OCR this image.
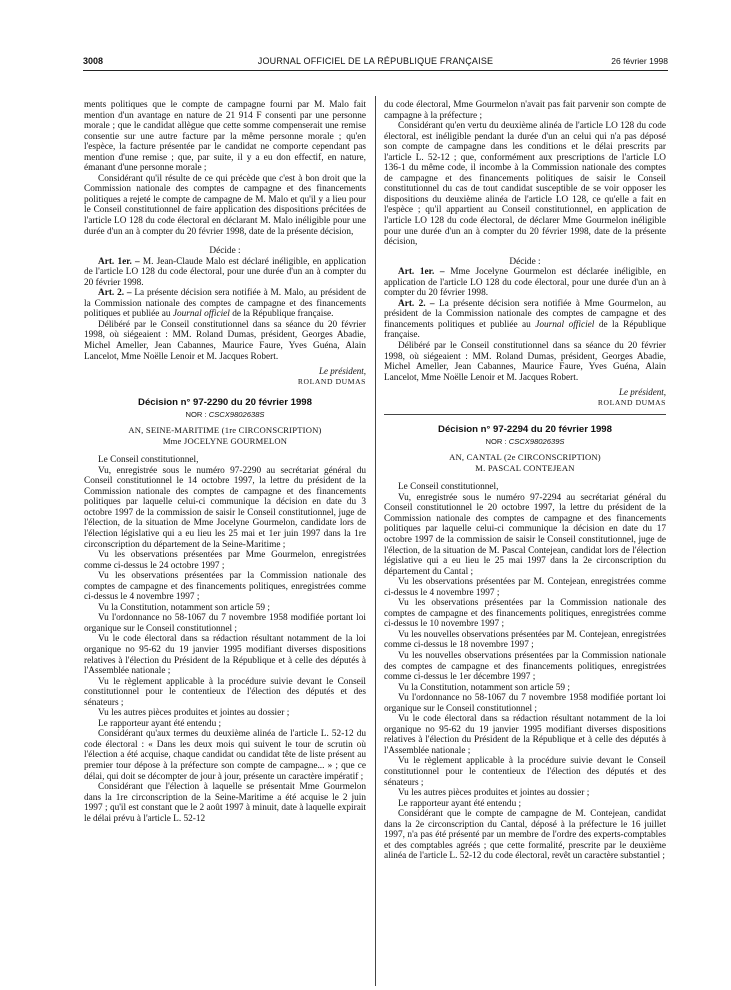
3008	JOURNAL OFFICIEL DE LA RÉPUBLIQUE FRANÇAISE	26 février 1998

ments politiques que le compte de campagne fourni par M. Malo fait mention d'un avantage en nature de 21 914 F consenti par une personne morale ; que le candidat allègue que cette somme compenserait une remise consentie sur une autre facture par la même personne morale ; qu'en l'espèce, la facture présentée par le candidat ne comporte cependant pas mention d'une remise ; que, par suite, il y a eu don effectif, en nature, émanant d'une personne morale ;

Considérant qu'il résulte de ce qui précède que c'est à bon droit que la Commission nationale des comptes de campagne et des financements politiques a rejeté le compte de campagne de M. Malo et qu'il y a lieu pour le Conseil constitutionnel de faire application des dispositions précitées de l'article LO 128 du code électoral en déclarant M. Malo inéligible pour une durée d'un an à compter du 20 février 1998, date de la présente décision,

Décide :

Art. 1er. – M. Jean-Claude Malo est déclaré inéligible, en application de l'article LO 128 du code électoral, pour une durée d'un an à compter du 20 février 1998.

Art. 2. – La présente décision sera notifiée à M. Malo, au président de la Commission nationale des comptes de campagne et des financements politiques et publiée au Journal officiel de la République française.

Délibéré par le Conseil constitutionnel dans sa séance du 20 février 1998, où siégeaient : MM. Roland Dumas, président, Georges Abadie, Michel Ameller, Jean Cabannes, Maurice Faure, Yves Guéna, Alain Lancelot, Mme Noëlle Lenoir et M. Jacques Robert.

Le président,
ROLAND DUMAS

Décision n° 97-2290 du 20 février 1998

NOR : CSCX9802638S
AN, SEINE-MARITIME (1re CIRCONSCRIPTION)
Mme JOCELYNE GOURMELON

Le Conseil constitutionnel,

Vu, enregistrée sous le numéro 97-2290 au secrétariat général du Conseil constitutionnel le 14 octobre 1997, la lettre du président de la Commission nationale des comptes de campagne et des financements politiques par laquelle celui-ci communique la décision en date du 3 octobre 1997 de la commission de saisir le Conseil constitutionnel, juge de l'élection, de la situation de Mme Jocelyne Gourmelon, candidate lors de l'élection législative qui a eu lieu les 25 mai et 1er juin 1997 dans la 1re circonscription du département de la Seine-Maritime ;

Vu les observations présentées par Mme Gourmelon, enregistrées comme ci-dessus le 24 octobre 1997 ;

Vu les observations présentées par la Commission nationale des comptes de campagne et des financements politiques, enregistrées comme ci-dessus le 4 novembre 1997 ;

Vu la Constitution, notamment son article 59 ;

Vu l'ordonnance no 58-1067 du 7 novembre 1958 modifiée portant loi organique sur le Conseil constitutionnel ;

Vu le code électoral dans sa rédaction résultant notamment de la loi organique no 95-62 du 19 janvier 1995 modifiant diverses dispositions relatives à l'élection du Président de la République et à celle des députés à l'Assemblée nationale ;

Vu le règlement applicable à la procédure suivie devant le Conseil constitutionnel pour le contentieux de l'élection des députés et des sénateurs ;

Vu les autres pièces produites et jointes au dossier ;

Le rapporteur ayant été entendu ;

Considérant qu'aux termes du deuxième alinéa de l'article L. 52-12 du code électoral : « Dans les deux mois qui suivent le tour de scrutin où l'élection a été acquise, chaque candidat ou candidat tête de liste présent au premier tour dépose à la préfecture son compte de campagne... » ; que ce délai, qui doit se décompter de jour à jour, présente un caractère impératif ;

Considérant que l'élection à laquelle se présentait Mme Gourmelon dans la 1re circonscription de la Seine-Maritime a été acquise le 2 juin 1997 ; qu'il est constant que le 2 août 1997 à minuit, date à laquelle expirait le délai prévu à l'article L. 52-12

du code électoral, Mme Gourmelon n'avait pas fait parvenir son compte de campagne à la préfecture ;

Considérant qu'en vertu du deuxième alinéa de l'article LO 128 du code électoral, est inéligible pendant la durée d'un an celui qui n'a pas déposé son compte de campagne dans les conditions et le délai prescrits par l'article L. 52-12 ; que, conformément aux prescriptions de l'article LO 136-1 du même code, il incombe à la Commission nationale des comptes de campagne et des financements politiques de saisir le Conseil constitutionnel du cas de tout candidat susceptible de se voir opposer les dispositions du deuxième alinéa de l'article LO 128, ce qu'elle a fait en l'espèce ; qu'il appartient au Conseil constitutionnel, en application de l'article LO 128 du code électoral, de déclarer Mme Gourmelon inéligible pour une durée d'un an à compter du 20 février 1998, date de la présente décision,

Décide :

Art. 1er. – Mme Jocelyne Gourmelon est déclarée inéligible, en application de l'article LO 128 du code électoral, pour une durée d'un an à compter du 20 février 1998.

Art. 2. – La présente décision sera notifiée à Mme Gourmelon, au président de la Commission nationale des comptes de campagne et des financements politiques et publiée au Journal officiel de la République française.

Délibéré par le Conseil constitutionnel dans sa séance du 20 février 1998, où siégeaient : MM. Roland Dumas, président, Georges Abadie, Michel Ameller, Jean Cabannes, Maurice Faure, Yves Guéna, Alain Lancelot, Mme Noëlle Lenoir et M. Jacques Robert.

Le président,
ROLAND DUMAS

Décision n° 97-2294 du 20 février 1998

NOR : CSCX9802639S
AN, CANTAL (2e CIRCONSCRIPTION)
M. PASCAL CONTEJEAN

Le Conseil constitutionnel,

Vu, enregistrée sous le numéro 97-2294 au secrétariat général du Conseil constitutionnel le 20 octobre 1997, la lettre du président de la Commission nationale des comptes de campagne et des financements politiques par laquelle celui-ci communique la décision en date du 17 octobre 1997 de la commission de saisir le Conseil constitutionnel, juge de l'élection, de la situation de M. Pascal Contejean, candidat lors de l'élection législative qui a eu lieu le 25 mai 1997 dans la 2e circonscription du département du Cantal ;

Vu les observations présentées par M. Contejean, enregistrées comme ci-dessus le 4 novembre 1997 ;

Vu les observations présentées par la Commission nationale des comptes de campagne et des financements politiques, enregistrées comme ci-dessus le 10 novembre 1997 ;

Vu les nouvelles observations présentées par M. Contejean, enregistrées comme ci-dessus le 18 novembre 1997 ;

Vu les nouvelles observations présentées par la Commission nationale des comptes de campagne et des financements politiques, enregistrées comme ci-dessus le 1er décembre 1997 ;

Vu la Constitution, notamment son article 59 ;

Vu l'ordonnance no 58-1067 du 7 novembre 1958 modifiée portant loi organique sur le Conseil constitutionnel ;

Vu le code électoral dans sa rédaction résultant notamment de la loi organique no 95-62 du 19 janvier 1995 modifiant diverses dispositions relatives à l'élection du Président de la République et à celle des députés à l'Assemblée nationale ;

Vu le règlement applicable à la procédure suivie devant le Conseil constitutionnel pour le contentieux de l'élection des députés et des sénateurs ;

Vu les autres pièces produites et jointes au dossier ;

Le rapporteur ayant été entendu ;

Considérant que le compte de campagne de M. Contejean, candidat dans la 2e circonscription du Cantal, déposé à la préfecture le 16 juillet 1997, n'a pas été présenté par un membre de l'ordre des experts-comptables et des comptables agréés ; que cette formalité, prescrite par le deuxième alinéa de l'article L. 52-12 du code électoral, revêt un caractère substantiel ;
